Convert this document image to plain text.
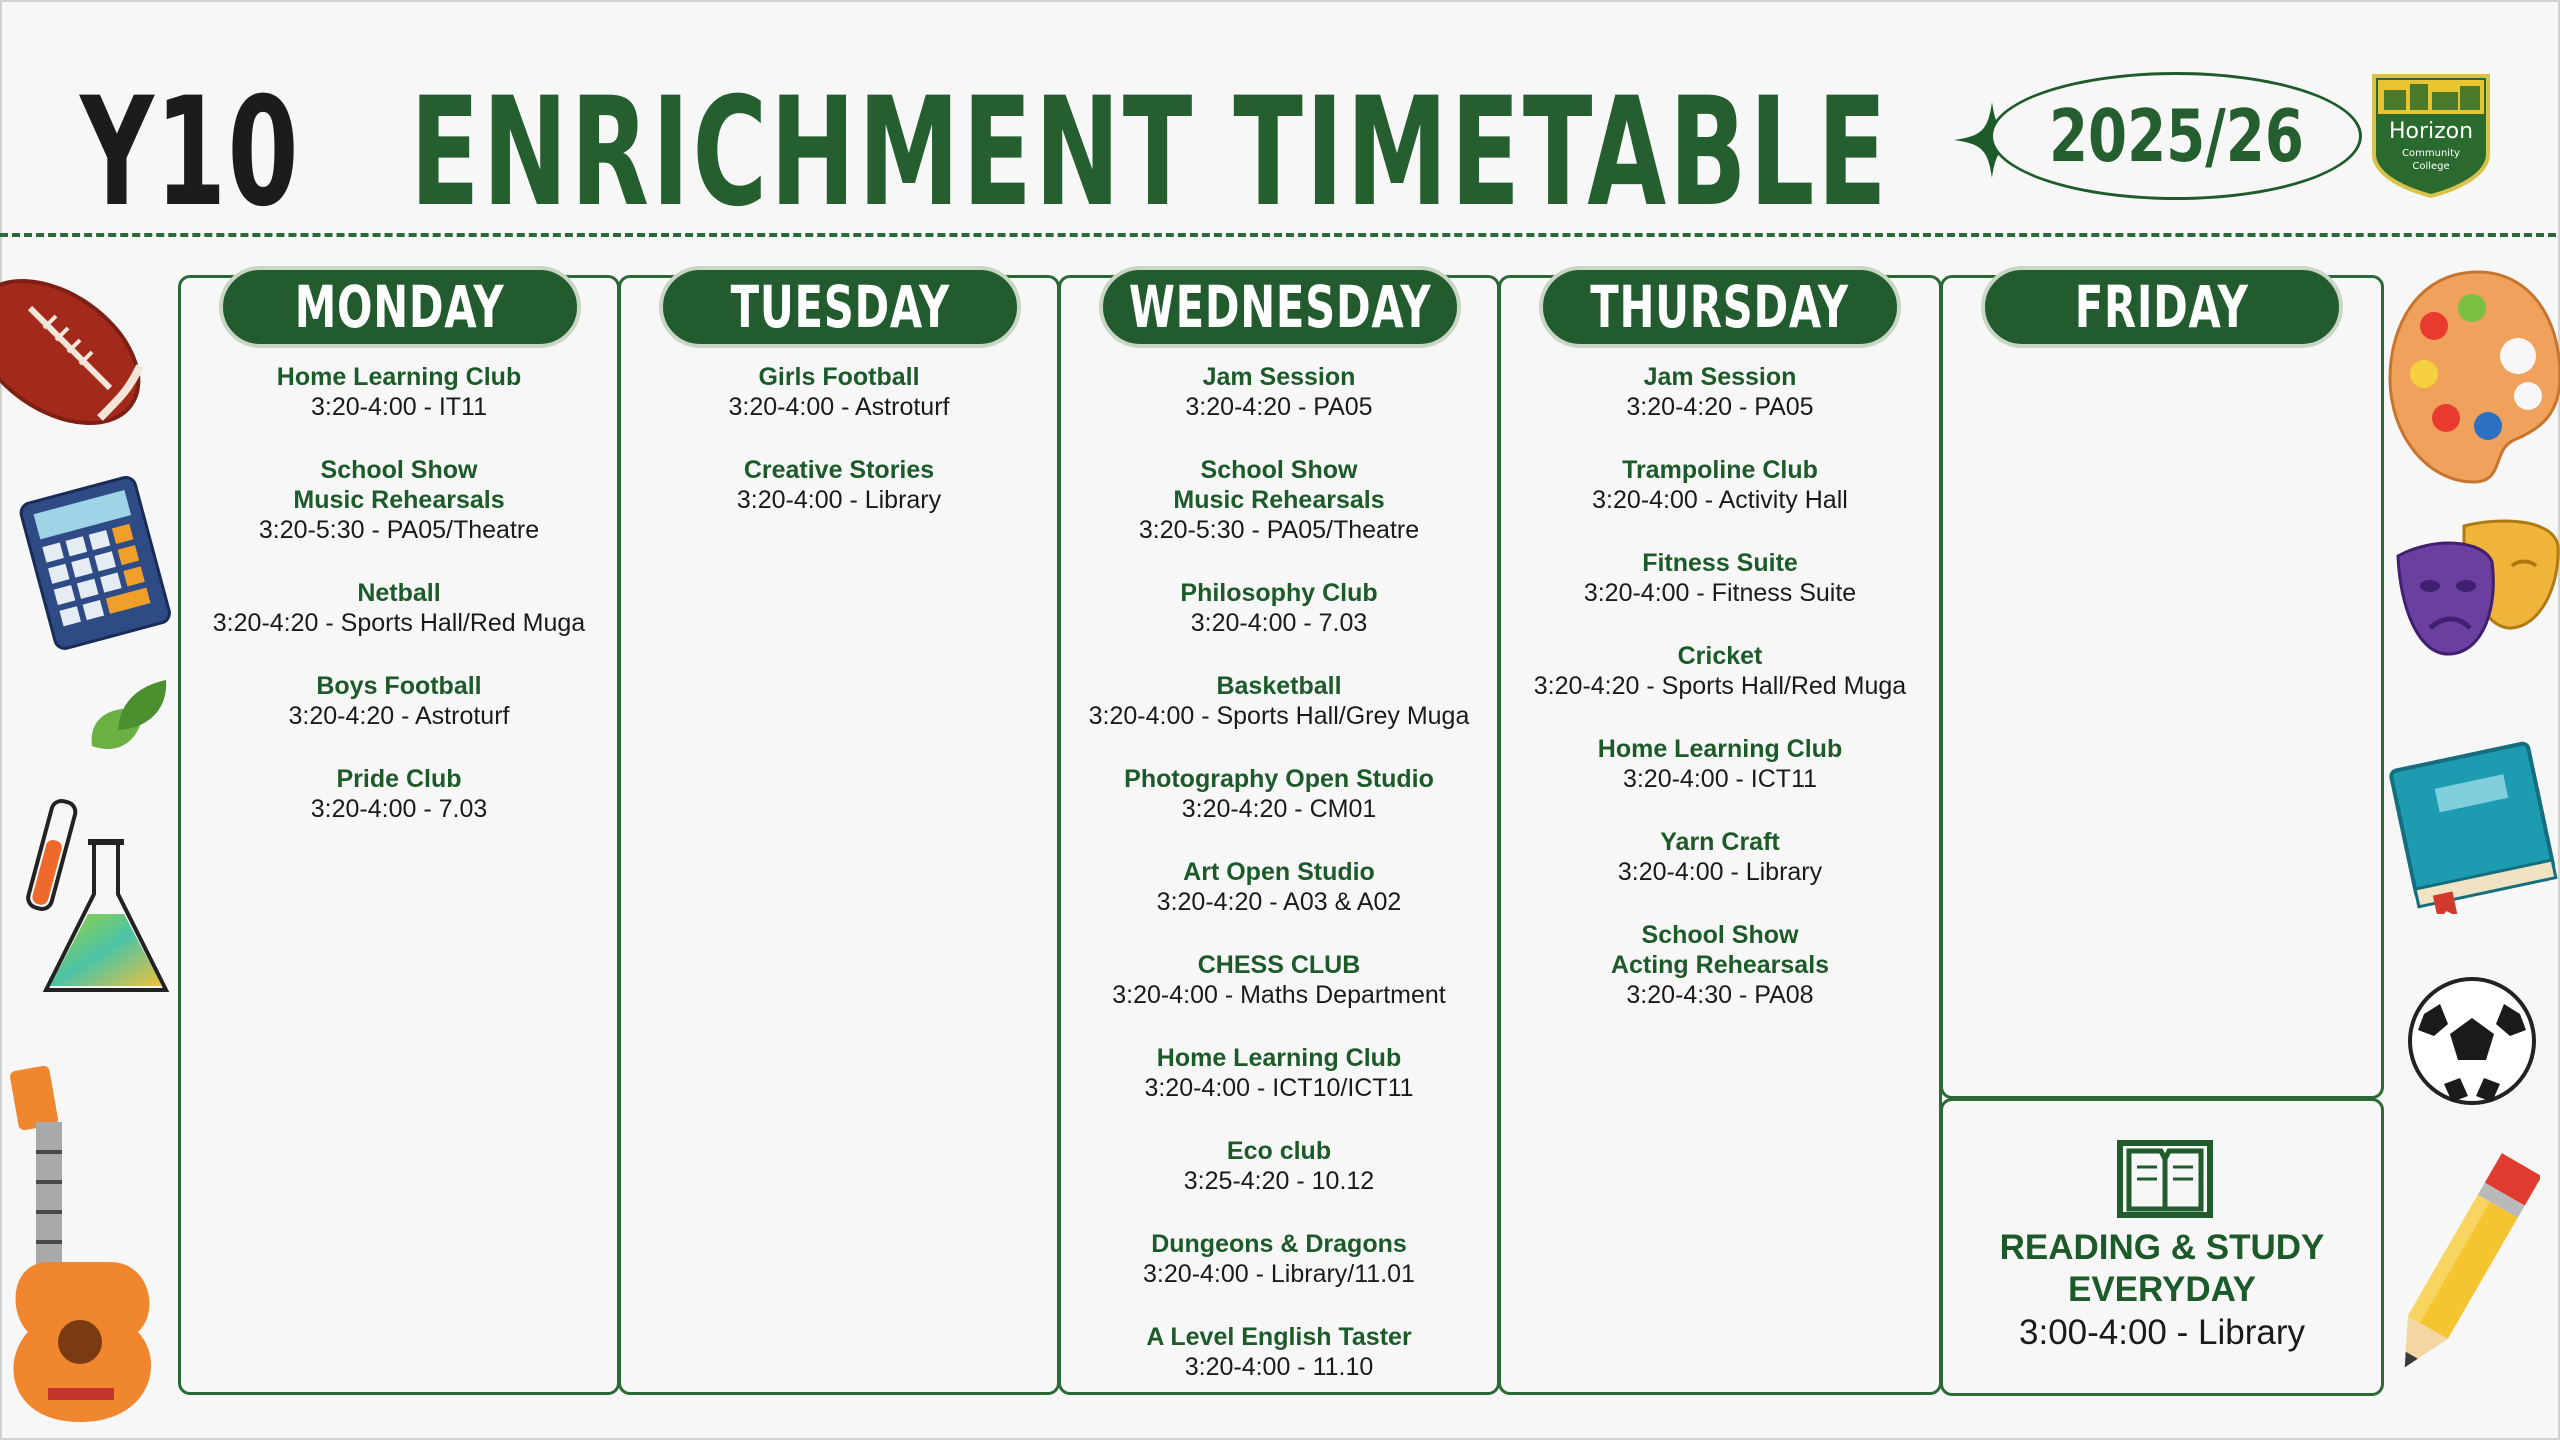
Y10 ENRICHMENT TIMETABLE 2025/26	Horizon
Community
College
MONDAY
Home Learning Club
3:20-4:00 - IT11
School Show
Music Rehearsals
3:20-5:30 - PA05/Theatre
Netball
3:20-4:20 - Sports Hall/Red Muga
Boys Football
3:20-4:20 - Astroturf
Pride Club
3:20-4:00 - 7.03
TUESDAY
Girls Football
3:20-4:00 - Astroturf
Creative Stories
3:20-4:00 - Library
WEDNESDAY
Jam Session
3:20-4:20 - PA05
School Show
Music Rehearsals
3:20-5:30 - PA05/Theatre
Philosophy Club
3:20-4:00 - 7.03
Basketball
3:20-4:00 - Sports Hall/Grey Muga
Photography Open Studio
3:20-4:20 - CM01
Art Open Studio
3:20-4:20 - A03 & A02
CHESS CLUB
3:20-4:00 - Maths Department
Home Learning Club
3:20-4:00 - ICT10/ICT11
Eco club
3:25-4:20 - 10.12
Dungeons & Dragons
3:20-4:00 - Library/11.01
A Level English Taster
3:20-4:00 - 11.10
THURSDAY
Jam Session
3:20-4:20 - PA05
Trampoline Club
3:20-4:00 - Activity Hall
Fitness Suite
3:20-4:00 - Fitness Suite
Cricket
3:20-4:20 - Sports Hall/Red Muga
Home Learning Club
3:20-4:00 - ICT11
Yarn Craft
3:20-4:00 - Library
School Show
Acting Rehearsals
3:20-4:30 - PA08
FRIDAY
READING & STUDY
EVERYDAY
3:00-4:00 - Library
